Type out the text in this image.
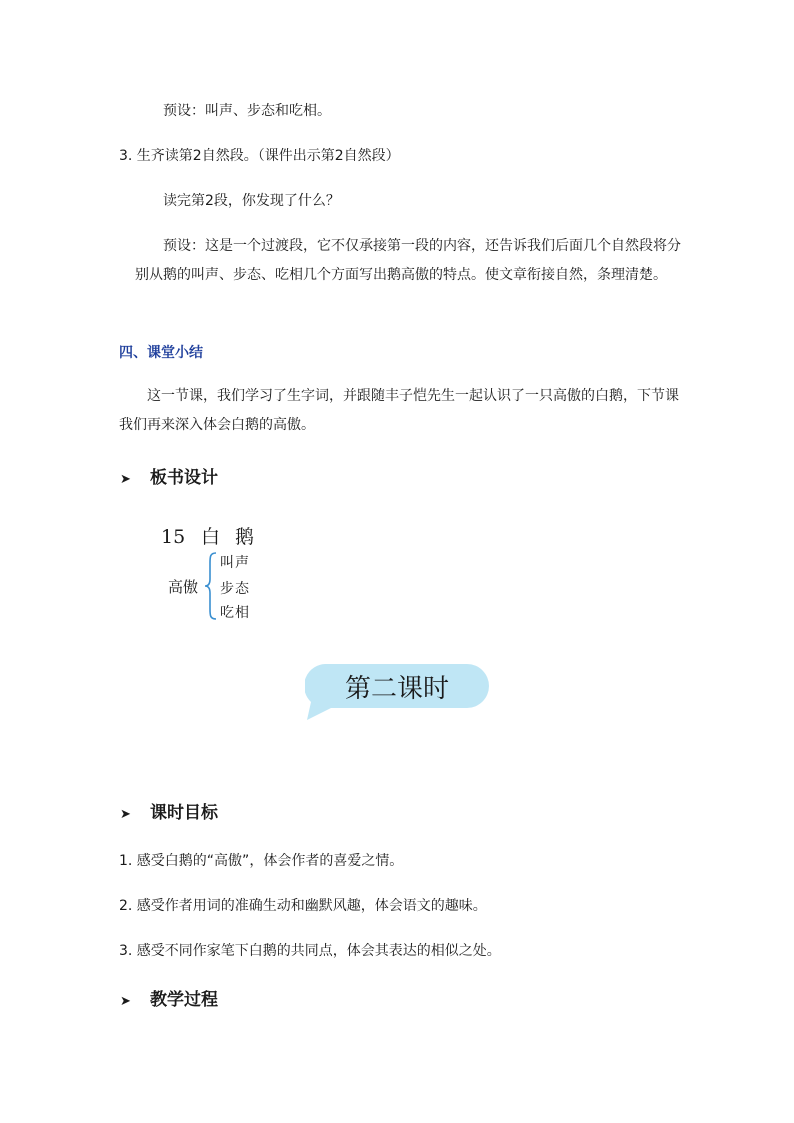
预设：叫声、步态和吃相。
3. 生齐读第2自然段。（课件出示第2自然段）
读完第2段，你发现了什么？
预设：这是一个过渡段，它不仅承接第一段的内容，还告诉我们后面几个自然段将分别从鹅的叫声、步态、吃相几个方面写出鹅高傲的特点。使文章衔接自然，条理清楚。
四、课堂小结
这一节课，我们学习了生字词，并跟随丰子恺先生一起认识了一只高傲的白鹅，下节课我们再来深入体会白鹅的高傲。
➤ 板书设计
15 白 鹅
高傲
叫声
步态
吃相
第二课时
➤ 课时目标
1. 感受白鹅的“高傲”，体会作者的喜爱之情。
2. 感受作者用词的准确生动和幽默风趣，体会语文的趣味。
3. 感受不同作家笔下白鹅的共同点，体会其表达的相似之处。
➤ 教学过程
